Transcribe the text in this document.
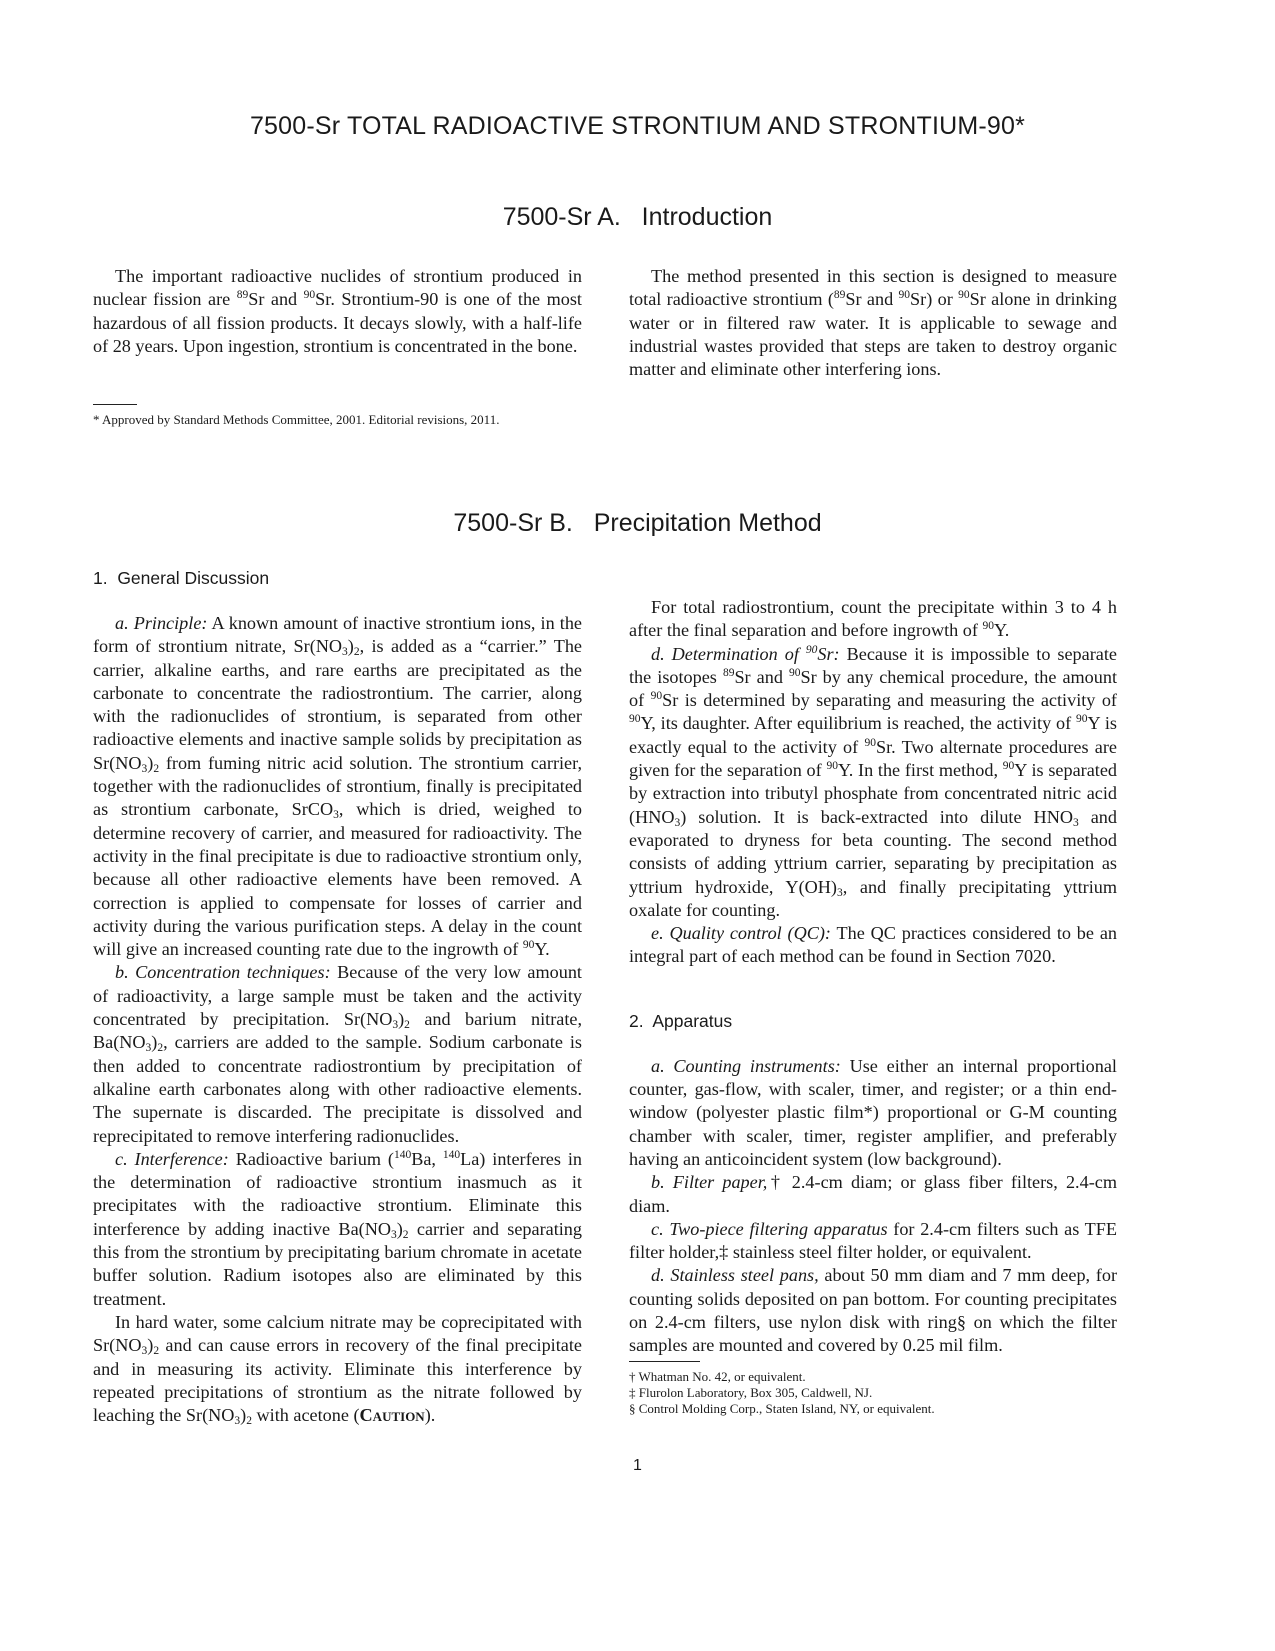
7500-Sr TOTAL RADIOACTIVE STRONTIUM AND STRONTIUM-90*
7500-Sr A.   Introduction

The important radioactive nuclides of strontium produced in nuclear fission are $^{89}$Sr and $^{90}$Sr. Strontium-90 is one of the most hazardous of all fission products. It decays slowly, with a half-life of 28 years. Upon ingestion, strontium is concentrated in the bone.

The method presented in this section is designed to measure total radioactive strontium ($^{89}$Sr and $^{90}$Sr) or $^{90}$Sr alone in drinking water or in filtered raw water. It is applicable to sewage and industrial wastes provided that steps are taken to destroy organic matter and eliminate other interfering ions.

* Approved by Standard Methods Committee, 2001. Editorial revisions, 2011.
7500-Sr B.   Precipitation Method
1.  General Discussion

a. Principle: A known amount of inactive strontium ions, in the form of strontium nitrate, $Sr(NO_3)_2$, is added as a “carrier.” The carrier, alkaline earths, and rare earths are precipitated as the carbonate to concentrate the radiostrontium. The carrier, along with the radionuclides of strontium, is separated from other radioactive elements and inactive sample solids by precipitation as $Sr(NO_3)_2$ from fuming nitric acid solution. The strontium carrier, together with the radionuclides of strontium, finally is precipitated as strontium carbonate, SrCO$_3$, which is dried, weighed to determine recovery of carrier, and measured for radioactivity. The activity in the final precipitate is due to radioactive strontium only, because all other radioactive elements have been removed. A correction is applied to compensate for losses of carrier and activity during the various purification steps. A delay in the count will give an increased counting rate due to the ingrowth of $^{90}$Y.

b. Concentration techniques: Because of the very low amount of radioactivity, a large sample must be taken and the activity concentrated by precipitation. $Sr(NO_3)_2$ and barium nitrate, $Ba(NO_3)_2$, carriers are added to the sample. Sodium carbonate is then added to concentrate radiostrontium by precipitation of alkaline earth carbonates along with other radioactive elements. The supernate is discarded. The precipitate is dissolved and reprecipitated to remove interfering radionuclides.

c. Interference: Radioactive barium ($^{140}$Ba, $^{140}$La) interferes in the determination of radioactive strontium inasmuch as it precipitates with the radioactive strontium. Eliminate this interference by adding inactive $Ba(NO_3)_2$ carrier and separating this from the strontium by precipitating barium chromate in acetate buffer solution. Radium isotopes also are eliminated by this treatment.

In hard water, some calcium nitrate may be coprecipitated with $Sr(NO_3)_2$ and can cause errors in recovery of the final precipitate and in measuring its activity. Eliminate this interference by repeated precipitations of strontium as the nitrate followed by leaching the $Sr(NO_3)_2$ with acetone (Caution).

For total radiostrontium, count the precipitate within 3 to 4 h after the final separation and before ingrowth of $^{90}$Y.

d. Determination of $^{90}$Sr: Because it is impossible to separate the isotopes $^{89}$Sr and $^{90}$Sr by any chemical procedure, the amount of $^{90}$Sr is determined by separating and measuring the activity of $^{90}$Y, its daughter. After equilibrium is reached, the activity of $^{90}$Y is exactly equal to the activity of $^{90}$Sr. Two alternate procedures are given for the separation of $^{90}$Y. In the first method, $^{90}$Y is separated by extraction into tributyl phosphate from concentrated nitric acid $(HNO_3)$ solution. It is back-extracted into dilute $HNO_3$ and evaporated to dryness for beta counting. The second method consists of adding yttrium carrier, separating by precipitation as yttrium hydroxide, $Y(OH)_3$, and finally precipitating yttrium oxalate for counting.

e. Quality control (QC): The QC practices considered to be an integral part of each method can be found in Section 7020.

2.  Apparatus

a. Counting instruments: Use either an internal proportional counter, gas-flow, with scaler, timer, and register; or a thin end-window (polyester plastic film*) proportional or G-M counting chamber with scaler, timer, register amplifier, and preferably having an anticoincident system (low background).

b. Filter paper,† 2.4-cm diam; or glass fiber filters, 2.4-cm diam.

c. Two-piece filtering apparatus for 2.4-cm filters such as TFE filter holder,‡ stainless steel filter holder, or equivalent.

d. Stainless steel pans, about 50 mm diam and 7 mm deep, for counting solids deposited on pan bottom. For counting precipitates on 2.4-cm filters, use nylon disk with ring§ on which the filter samples are mounted and covered by 0.25 mil film.

† Whatman No. 42, or equivalent.
‡ Flurolon Laboratory, Box 305, Caldwell, NJ.
§ Control Molding Corp., Staten Island, NY, or equivalent.
1
